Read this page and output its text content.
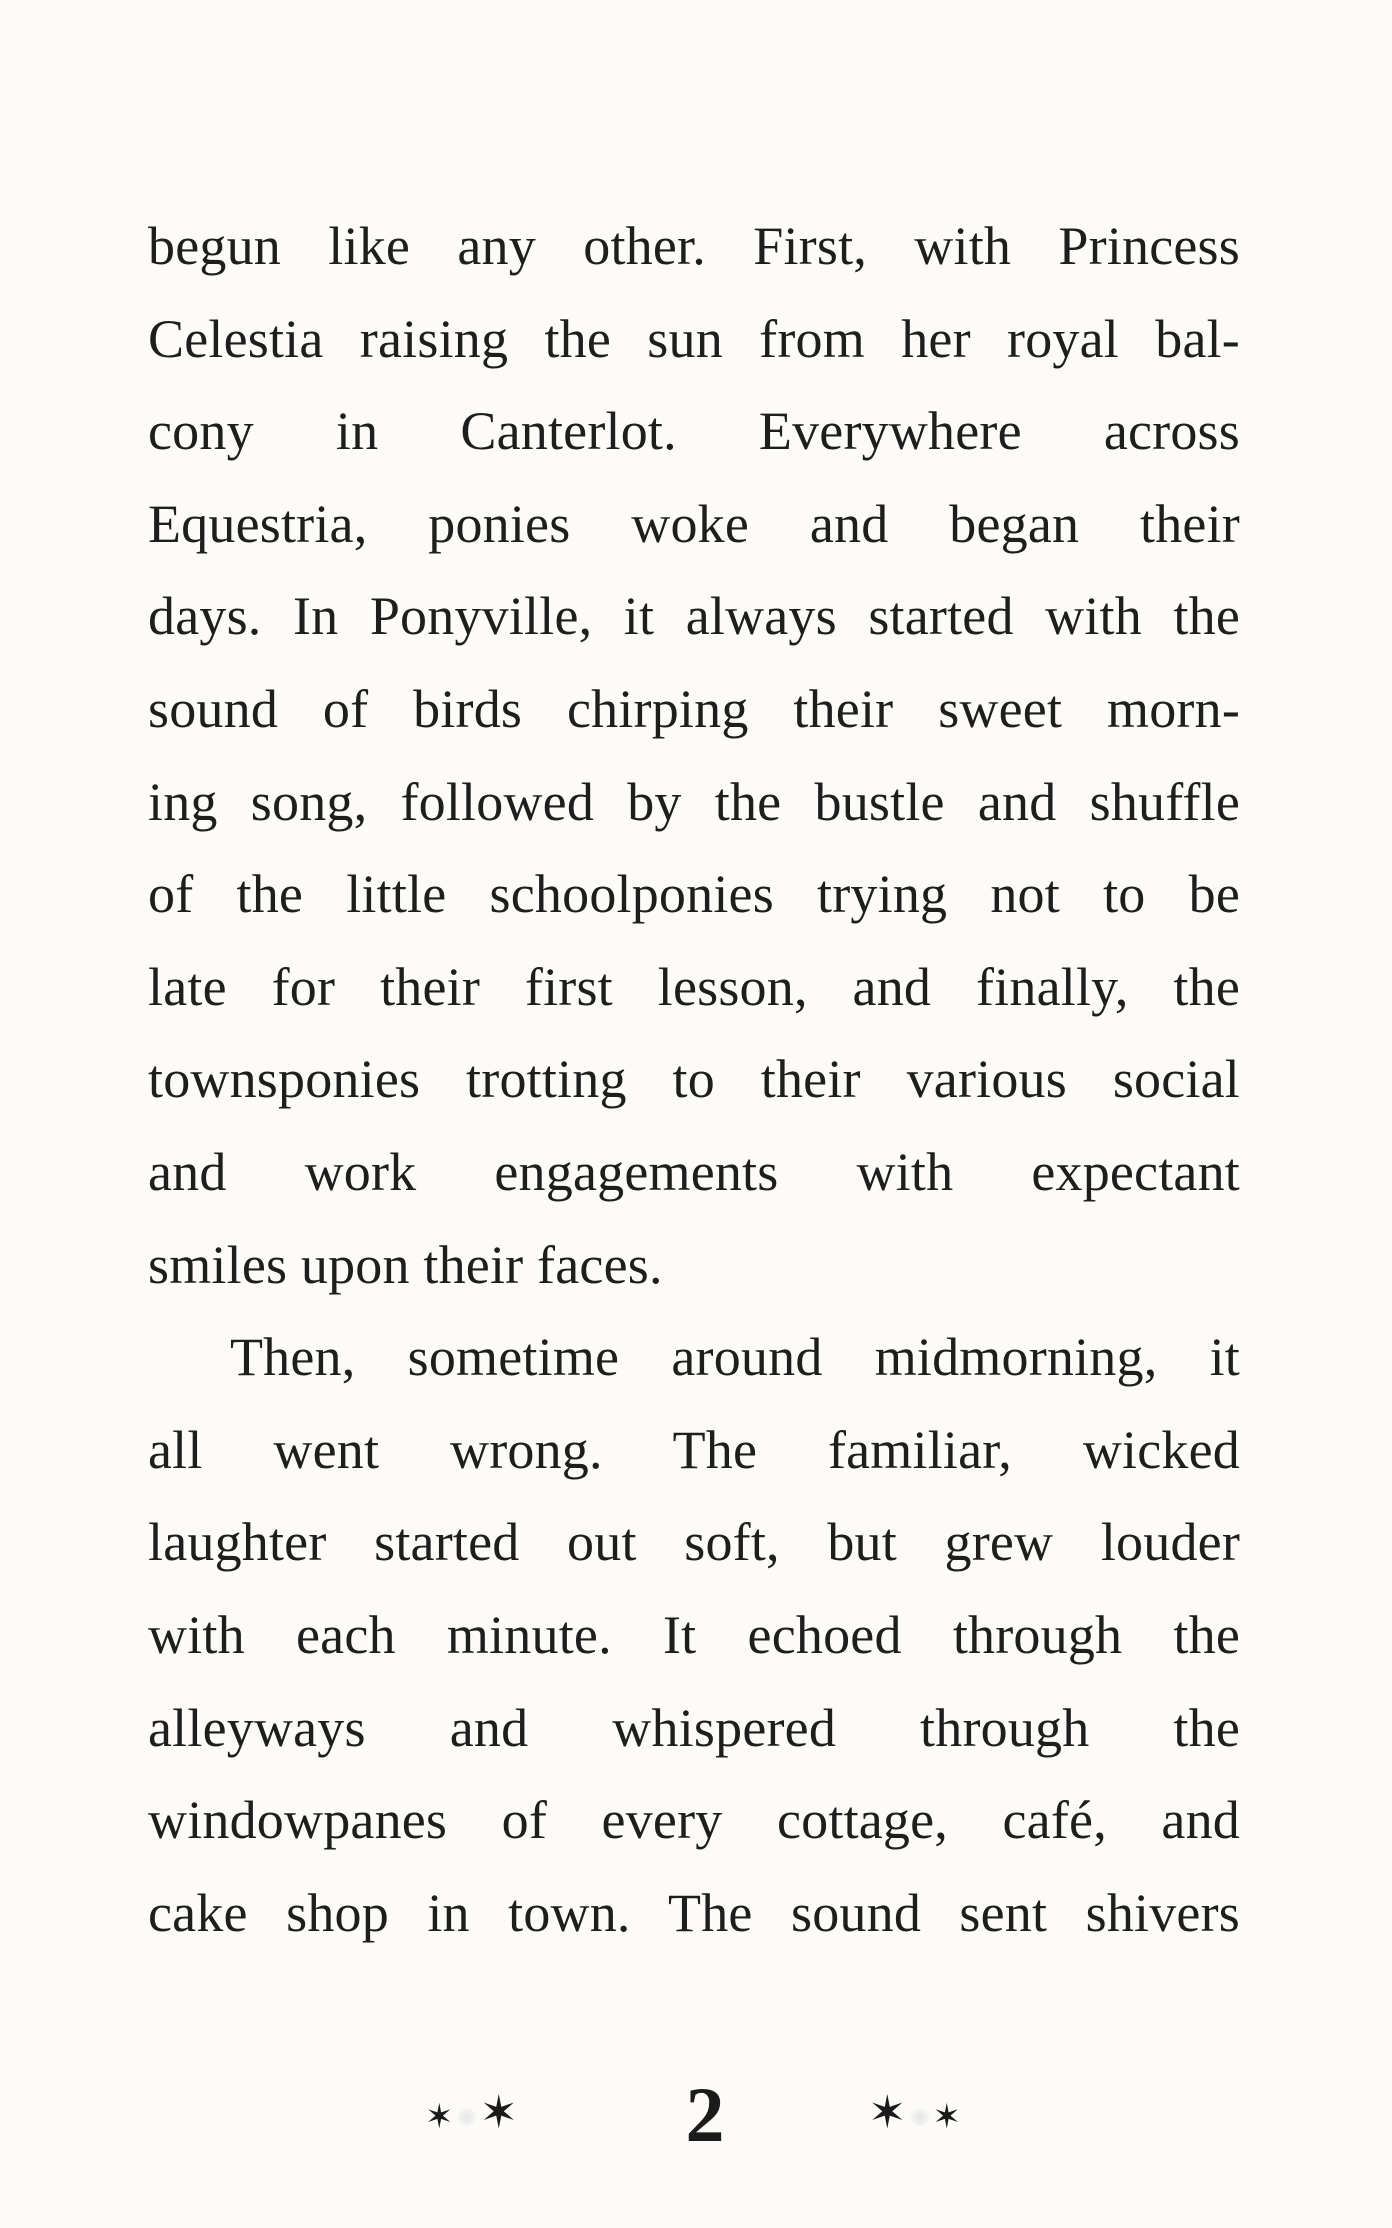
begun like any other. First, with Princess
Celestia raising the sun from her royal bal-
cony in Canterlot. Everywhere across
Equestria, ponies woke and began their
days. In Ponyville, it always started with the
sound of birds chirping their sweet morn-
ing song, followed by the bustle and shuffle
of the little schoolponies trying not to be
late for their first lesson, and finally, the
townsponies trotting to their various social
and work engagements with expectant
smiles upon their faces.
Then, sometime around midmorning, it
all went wrong. The familiar, wicked
laughter started out soft, but grew louder
with each minute. It echoed through the
alleyways and whispered through the
windowpanes of every cottage, café, and
cake shop in town. The sound sent shivers
✶ ✶	2	✶ ✶
